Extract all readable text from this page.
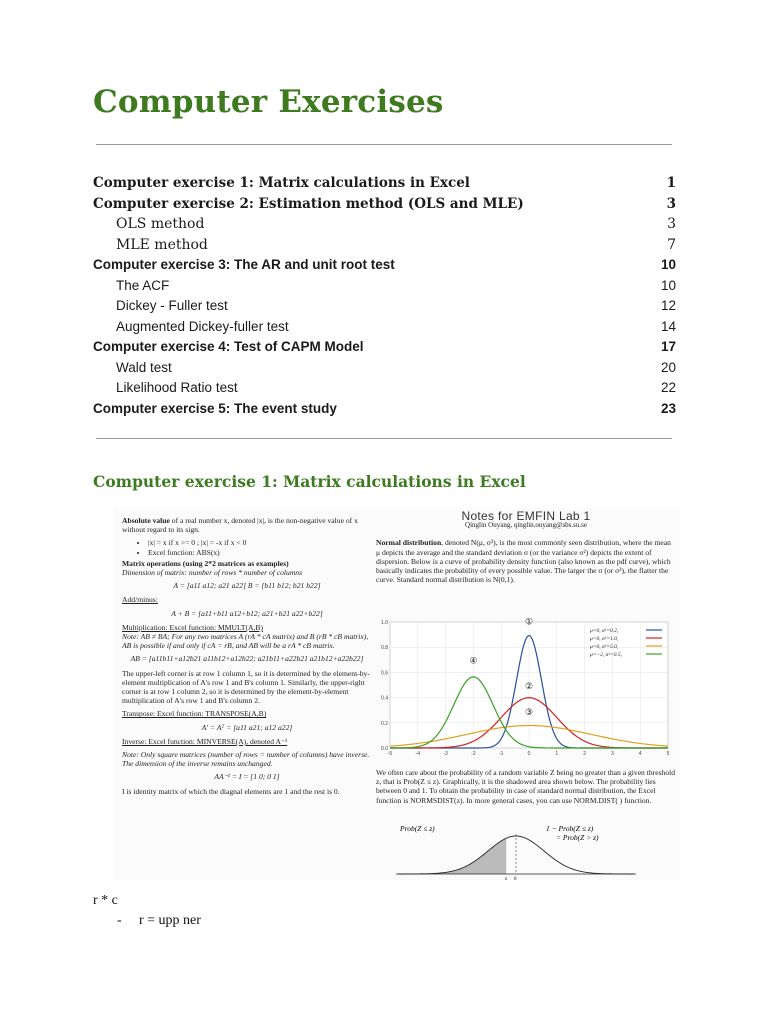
Computer Exercises
Computer exercise 1: Matrix calculations in Excel	1
Computer exercise 2: Estimation method (OLS and MLE)	3
OLS method	3
MLE method	7
Computer exercise 3: The AR and unit root test	10
The ACF	10
Dickey - Fuller test	12
Augmented Dickey-fuller test	14
Computer exercise 4: Test of CAPM Model	17
Wald test	20
Likelihood Ratio test	22
Computer exercise 5: The event study	23
Computer exercise 1: Matrix calculations in Excel

Absolute value of a real number x, denoted |x|, is the non-negative value of x without regard to its sign.

• |x| = x if x >= 0 ; |x| = -x if x < 0
• Excel function: ABS(x)

Matrix operations (using 2*2 matrices as examples)
Dimension of matrix: number of rows * number of columns

A = [a11 a12; a21 a22] B = [b11 b12; b21 b22]

Add/minus:

A + B = [a11+b11 a12+b12; a21+b21 a22+b22]

Multiplication: Excel function: MMULT(A,B)
Note: AB ≠ BA; For any two matrices A (rA * cA matrix) and B (rB * cB matrix), AB is possible if and only if cA = rB, and AB will be a rA * cB matrix.

AB = [a11b11+a12b21 a11b12+a12b22; a21b11+a22b21 a21b12+a22b22]

The upper-left corner is at row 1 column 1, so it is determined by the element-by-element multiplication of A's row 1 and B's column 1. Similarly, the upper-right corner is at row 1 column 2, so it is determined by the element-by-element multiplication of A's row 1 and B's column 2.

Transpose: Excel function: TRANSPOSE(A,B)

A' = Aᵀ = [a11 a21; a12 a22]

Inverse: Excel function: MINVERSE(A), denoted A⁻¹

Note: Only square matrices (number of rows = number of columns) have inverse. The dimension of the inverse remains unchanged.

AA⁻¹ = I = [1 0; 0 1]

I is identity matrix of which the diagnal elements are 1 and the rest is 0.

Notes for EMFIN Lab 1
Qinglin Ouyang, qinglin.ouyang@sbs.su.se

Normal distribution, denoted N(μ, σ²), is the most commonly seen distribution, where the mean μ depicts the average and the standard deviation σ (or the variance σ²) depicts the extent of dispersion. Below is a curve of probability density function (also known as the pdf curve), which basically indicates the probability of every possible value. The larger the σ (or σ²), the flatter the curve. Standard normal distribution is N(0,1).

-5	-4	-3	-2	-1	0	1	2	3	4	5
0.0
0.2
0.4
0.6
0.8
1.0
μ=0, σ²=0.2,
μ=0, σ²=1.0,
μ=0, σ²=5.0,
μ=−2, σ²=0.5,
①
②
③
④

We often care about the probability of a random variable Z being no greater than a given threshold z, that is Prob(Z ≤ z). Graphically, it is the shadowed area shown below. The probability lies between 0 and 1. To obtain the probability in case of standard normal distribution, the Excel function is NORMSDIST(z). In more general cases, you can use NORM.DIST( ) function.

Prob(Z ≤ z)	1 − Prob(Z ≤ z)
= Prob(Z > z)
z 0
r * c
- r = upp ner
